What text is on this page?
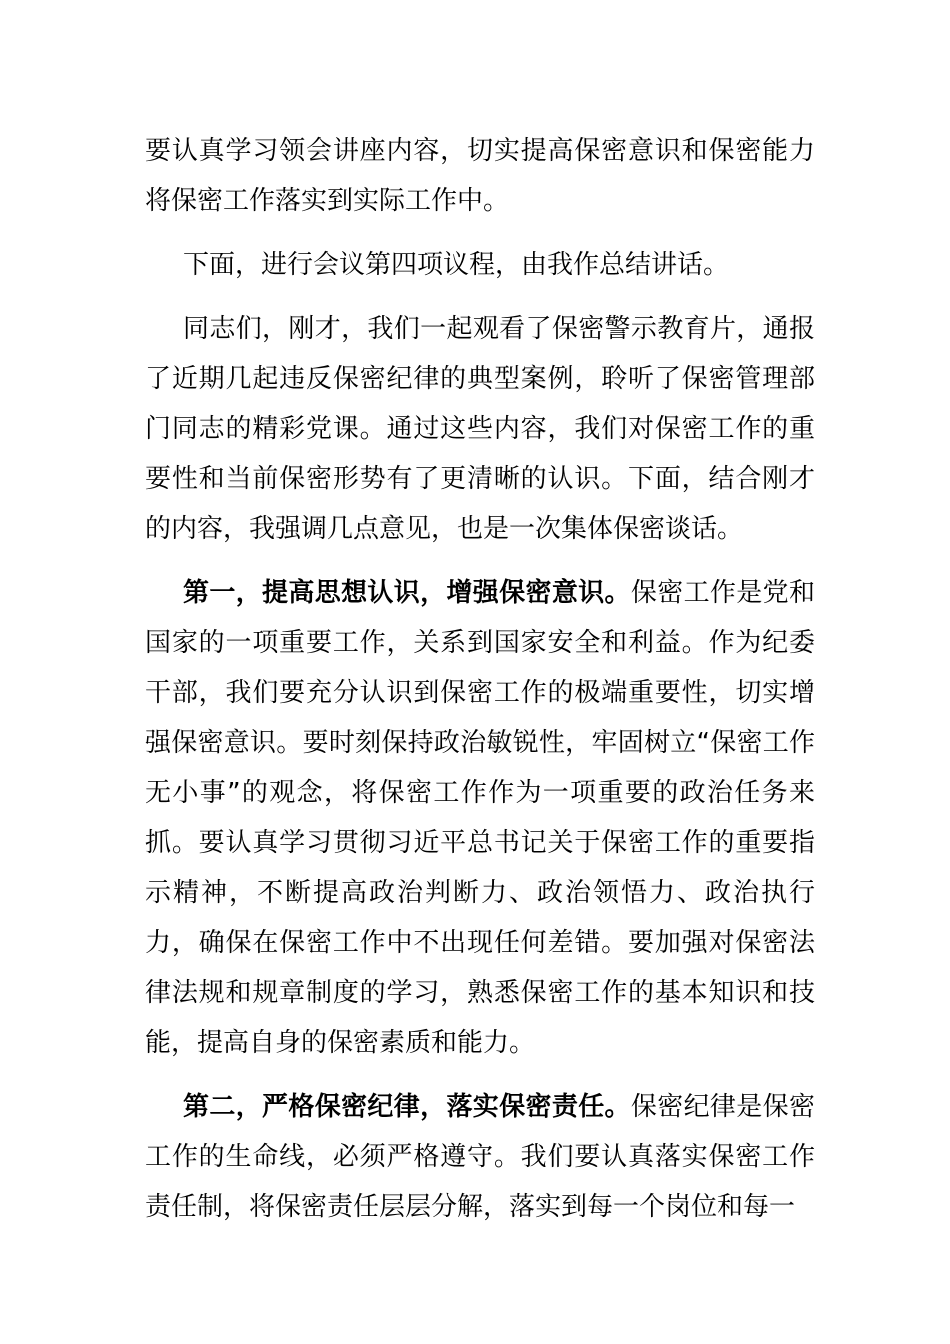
要认真学习领会讲座内容，切实提高保密意识和保密能力将保密工作落实到实际工作中。

下面，进行会议第四项议程，由我作总结讲话。

同志们，刚才，我们一起观看了保密警示教育片，通报了近期几起违反保密纪律的典型案例，聆听了保密管理部门同志的精彩党课。通过这些内容，我们对保密工作的重要性和当前保密形势有了更清晰的认识。下面，结合刚才的内容，我强调几点意见，也是一次集体保密谈话。

第一，提高思想认识，增强保密意识。保密工作是党和国家的一项重要工作，关系到国家安全和利益。作为纪委干部，我们要充分认识到保密工作的极端重要性，切实增强保密意识。要时刻保持政治敏锐性，牢固树立“保密工作无小事”的观念，将保密工作作为一项重要的政治任务来抓。要认真学习贯彻习近平总书记关于保密工作的重要指示精神，不断提高政治判断力、政治领悟力、政治执行力，确保在保密工作中不出现任何差错。要加强对保密法律法规和规章制度的学习，熟悉保密工作的基本知识和技能，提高自身的保密素质和能力。

第二，严格保密纪律，落实保密责任。保密纪律是保密工作的生命线，必须严格遵守。我们要认真落实保密工作责任制，将保密责任层层分解，落实到每一个岗位和每一
